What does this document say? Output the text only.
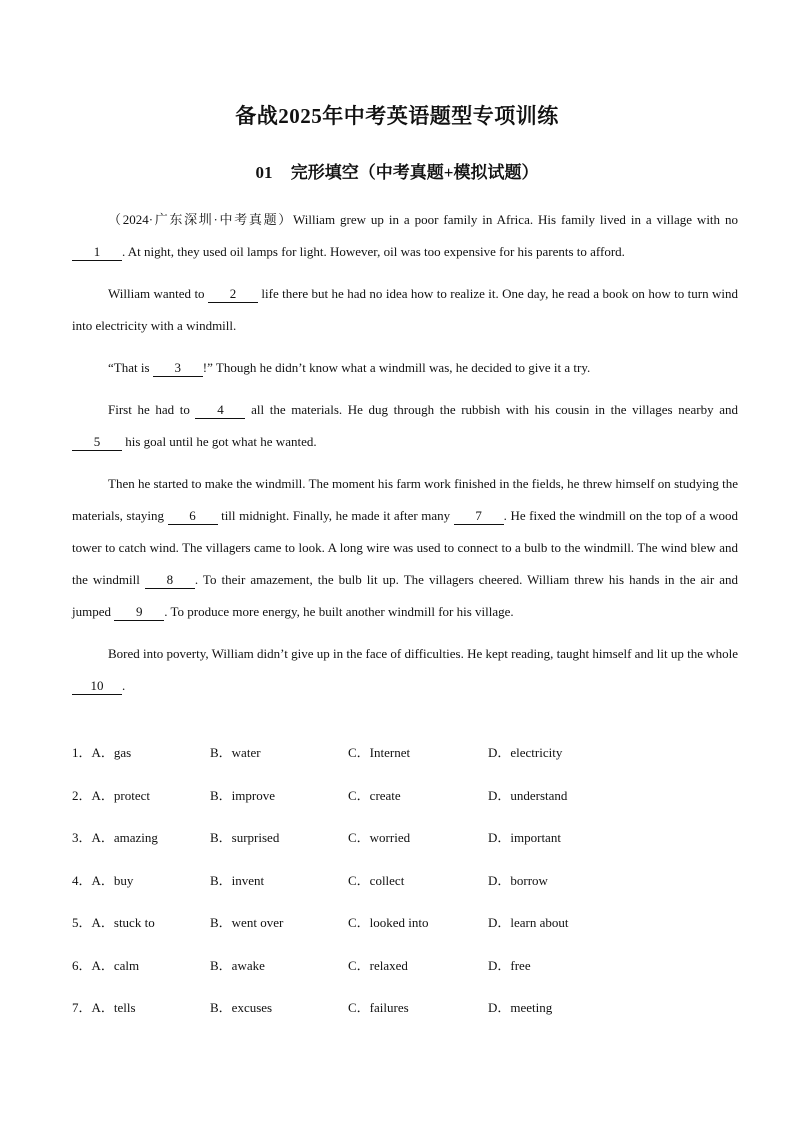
备战2025年中考英语题型专项训练
01 完形填空（中考真题+模拟试题）

（2024·广东深圳·中考真题）William grew up in a poor family in Africa. His family lived in a village with no 1 . At night, they used oil lamps for light. However, oil was too expensive for his parents to afford.

William wanted to 2 life there but he had no idea how to realize it. One day, he read a book on how to turn wind into electricity with a windmill.

“That is 3 !” Though he didn’t know what a windmill was, he decided to give it a try.

First he had to 4 all the materials. He dug through the rubbish with his cousin in the villages nearby and 5 his goal until he got what he wanted.

Then he started to make the windmill. The moment his farm work finished in the fields, he threw himself on studying the materials, staying 6 till midnight. Finally, he made it after many 7 . He fixed the windmill on the top of a wood tower to catch wind. The villagers came to look. A long wire was used to connect to a bulb to the windmill. The wind blew and the windmill 8 . To their amazement, the bulb lit up. The villagers cheered. William threw his hands in the air and jumped 9 . To produce more energy, he built another windmill for his village.

Bored into poverty, William didn’t give up in the face of difficulties. He kept reading, taught himself and lit up the whole 10 .

1．A．gas	B．water	C．Internet	D．electricity
2．A．protect	B．improve	C．create	D．understand
3．A．amazing	B．surprised	C．worried	D．important
4．A．buy	B．invent	C．collect	D．borrow
5．A．stuck to	B．went over	C．looked into	D．learn about
6．A．calm	B．awake	C．relaxed	D．free
7．A．tells	B．excuses	C．failures	D．meeting
